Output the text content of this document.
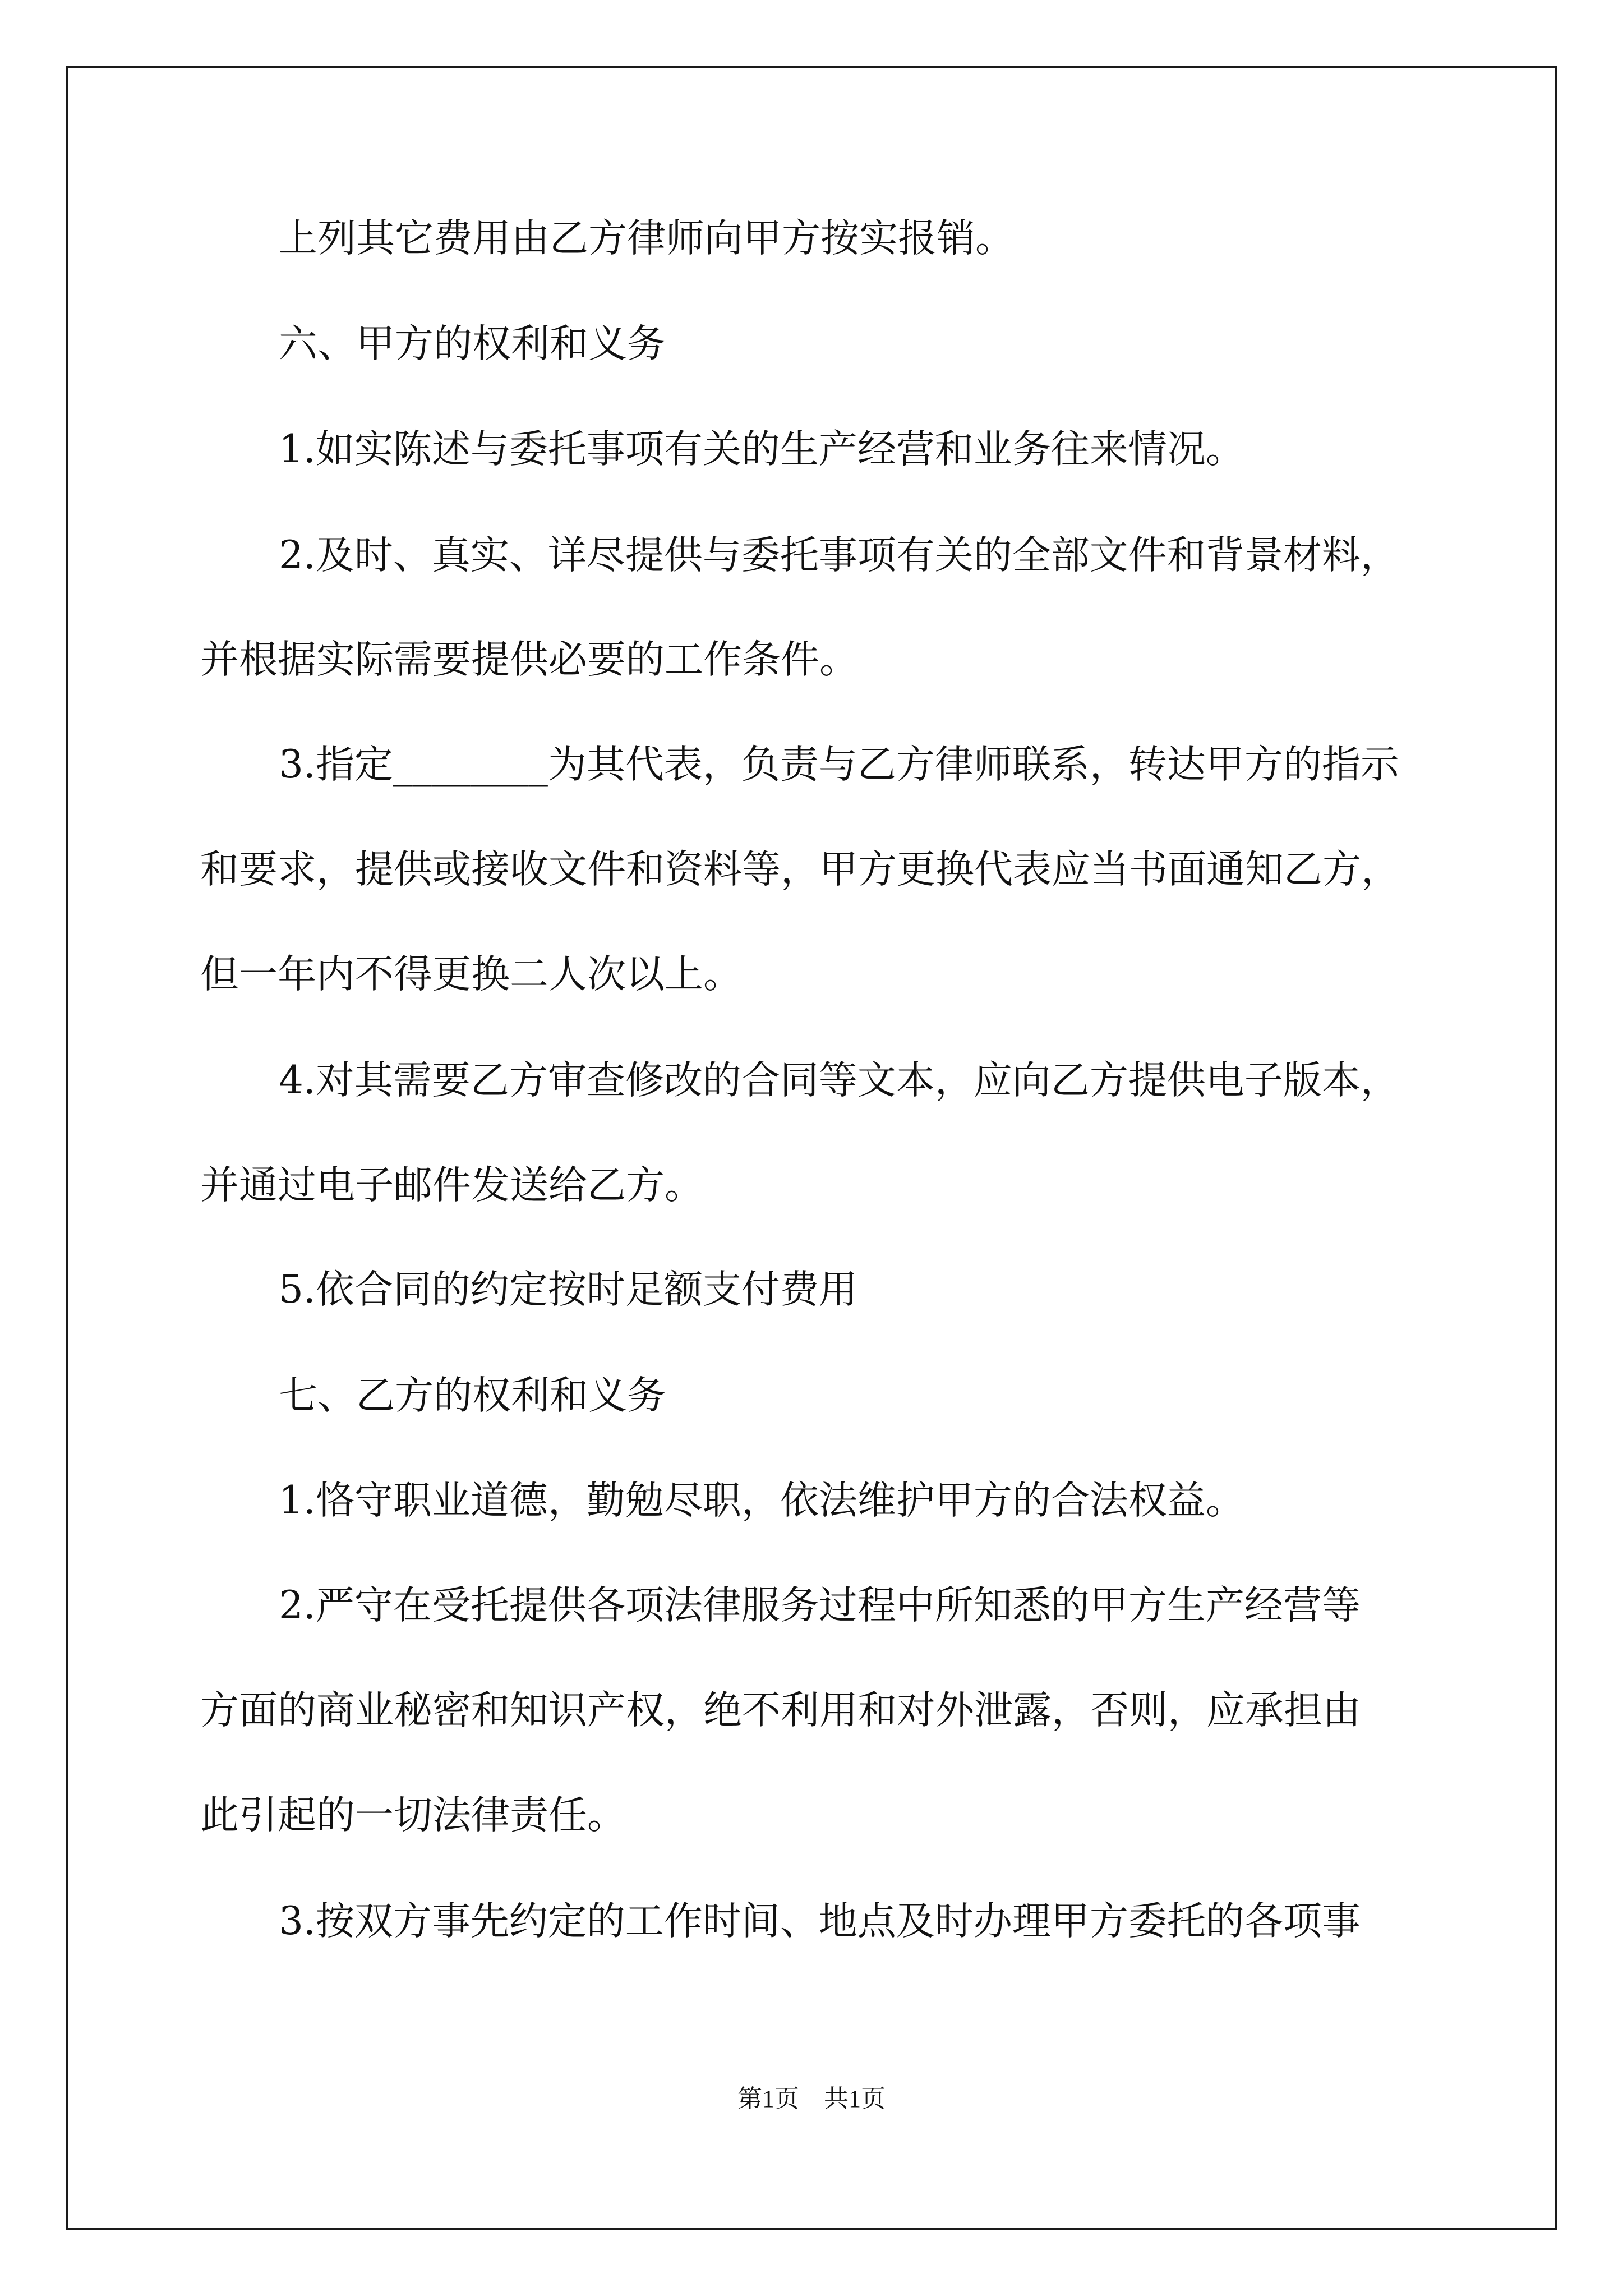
上列其它费用由乙方律师向甲方按实报销。
六、甲方的权利和义务
1.如实陈述与委托事项有关的生产经营和业务往来情况。
2.及时、真实、详尽提供与委托事项有关的全部文件和背景材料，
并根据实际需要提供必要的工作条件。
3.指定________为其代表，负责与乙方律师联系，转达甲方的指示
和要求，提供或接收文件和资料等，甲方更换代表应当书面通知乙方，
但一年内不得更换二人次以上。
4.对其需要乙方审查修改的合同等文本，应向乙方提供电子版本，
并通过电子邮件发送给乙方。
5.依合同的约定按时足额支付费用
七、乙方的权利和义务
1.恪守职业道德，勤勉尽职，依法维护甲方的合法权益。
2.严守在受托提供各项法律服务过程中所知悉的甲方生产经营等
方面的商业秘密和知识产权，绝不利用和对外泄露，否则，应承担由
此引起的一切法律责任。
3.按双方事先约定的工作时间、地点及时办理甲方委托的各项事
第1页　共1页
